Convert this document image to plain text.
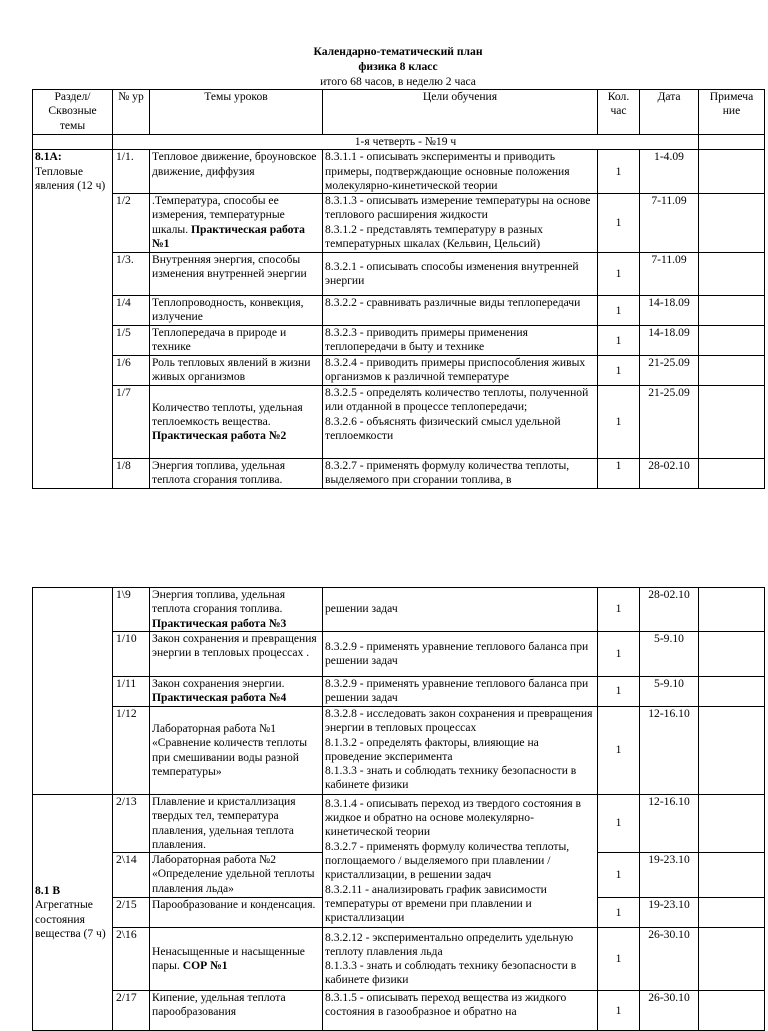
Календарно-тематический план
физика 8 класс
итого 68 часов, в неделю 2 часа
Раздел/ Сквозные темы	№ ур	Темы уроков	Цели обучения	Кол. час	Дата	Примеча ние
	1-я четверть - №19 ч					

8.1А:
Тепловые явления (12 ч)	1/1.	Тепловое движение, броуновское движение, диффузия	8.3.1.1 - описывать эксперименты и приводить примеры, подтверждающие основные положения молекулярно-кинетической теории	1	1-4.09	
	1/2	.Температура, способы ее измерения, температурные шкалы. Практическая работа №1	8.3.1.3 - описывать измерение температуры на основе теплового расширения жидкости
8.3.1.2 - представлять температуру в разных температурных шкалах (Кельвин, Цельсий)	1	7-11.09	
	1/3.	Внутренняя энергия, способы изменения внутренней энергии	8.3.2.1 - описывать способы изменения внутренней энергии	1	7-11.09	
	1/4	Теплопроводность, конвекция, излучение	8.3.2.2 - сравнивать различные виды теплопередачи	1	14-18.09	
	1/5	Теплопередача в природе и технике	8.3.2.3 - приводить примеры применения теплопередачи в быту и технике	1	14-18.09	
	1/6	Роль тепловых явлений в жизни живых организмов	8.3.2.4 - приводить примеры приспособления живых организмов к различной температуре	1	21-25.09	
	1/7	Количество теплоты, удельная теплоемкость вещества. Практическая работа №2	8.3.2.5 - определять количество теплоты, полученной или отданной в процессе теплопередачи;
8.3.2.6 - объяснять физический смысл удельной теплоемкости	1	21-25.09	
	1/8	Энергия топлива, удельная теплота сгорания топлива.	8.3.2.7 - применять формулу количества теплоты, выделяемого при сгорании топлива, в	1	28-02.10	
	1\9	Энергия топлива, удельная теплота сгорания топлива. Практическая работа №3	решении задач	1	28-02.10	
	1/10	Закон сохранения и превращения энергии в тепловых процессах .	8.3.2.9 - применять уравнение теплового баланса при решении задач	1	5-9.10	
	1/11	Закон сохранения энергии. Практическая работа №4	8.3.2.9 - применять уравнение теплового баланса при решении задач	1	5-9.10	
	1/12	Лабораторная работа №1 «Сравнение количеств теплоты при смешивании воды разной температуры»	8.3.2.8 - исследовать закон сохранения и превращения энергии в тепловых процессах
8.1.3.2 - определять факторы, влияющие на проведение эксперимента
8.1.3.3 - знать и соблюдать технику безопасности в кабинете физики	1	12-16.10	

8.1 В
Агрегатные состояния вещества (7 ч)	2/13	Плавление и кристаллизация твердых тел, температура плавления, удельная теплота плавления.	8.3.1.4 - описывать переход из твердого состояния в жидкое и обратно на основе молекулярно-кинетической теории
8.3.2.7 - применять формулу количества теплоты, поглощаемого / выделяемого при плавлении /кристаллизации, в решении задач
8.3.2.11 - анализировать график зависимости температуры от времени при плавлении и кристаллизации	1	12-16.10	
	2\14	Лабораторная работа №2 «Определение удельной теплоты плавления льда»		1	19-23.10	
	2/15	Парообразование и конденсация.		1	19-23.10	
	2\16	Ненасыщенные и насыщенные пары. СОР №1	8.3.2.12 - экспериментально определить удельную теплоту плавления льда
8.1.3.3 - знать и соблюдать технику безопасности в кабинете физики	1	26-30.10	
	2/17	Кипение, удельная теплота парообразования	8.3.1.5 - описывать переход вещества из жидкого состояния в газообразное и обратно на	1	26-30.10	
